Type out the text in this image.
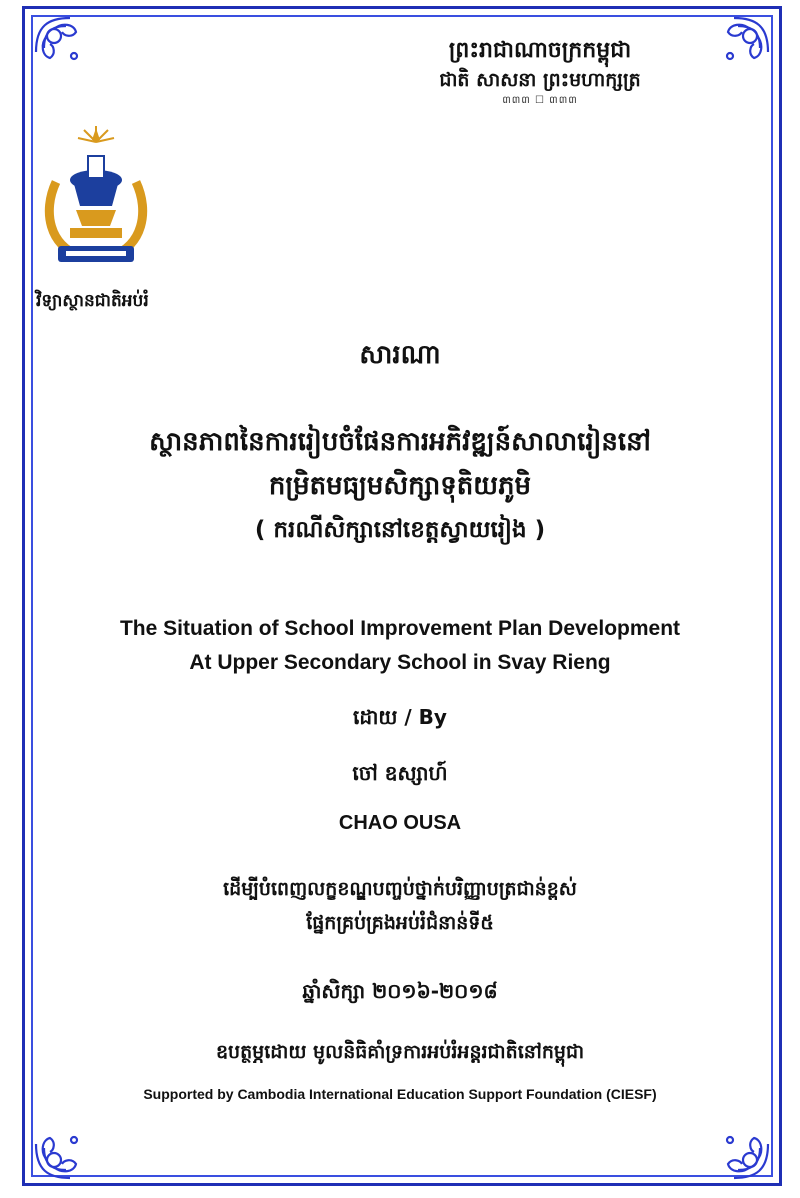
ព្រះរាជាណាចក្រកម្ពុជា
ជាតិ សាសនា ព្រះមហាក្សត្រ
៣៣៣ ☐ ៣៣៣
វិទ្យាស្ថានជាតិអប់រំ
សារណា
ស្ថានភាពនៃការរៀបចំផែនការអភិវឌ្ឍន៍សាលារៀននៅ
កម្រិតមធ្យមសិក្សាទុតិយភូមិ
( ករណីសិក្សានៅខេត្តស្វាយរៀង )
The Situation of School Improvement Plan Development
At Upper Secondary School in Svay Rieng
ដោយ / By
ចៅ ឧស្សាហ៍
CHAO OUSA
ដើម្បីបំពេញលក្ខខណ្ឌបញ្ចប់ថ្នាក់បរិញ្ញាបត្រជាន់ខ្ពស់
ផ្នែកគ្រប់គ្រងអប់រំជំនាន់ទី៥
ឆ្នាំសិក្សា ២០១៦-២០១៨
ឧបត្ថម្ភដោយ មូលនិធិគាំទ្រការអប់រំអន្តរជាតិនៅកម្ពុជា
Supported by Cambodia International Education Support Foundation (CIESF)
